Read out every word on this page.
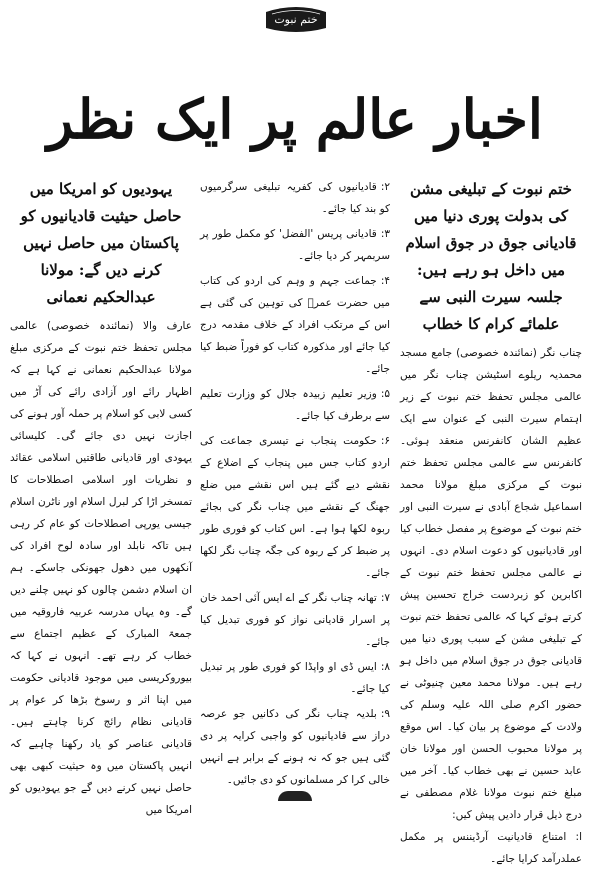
ختم نبوت
اخبار عالم پر ایک نظر
ختم نبوت کے تبلیغی مشن کی بدولت پوری دنیا میں قادیانی جوق در جوق اسلام میں داخل ہو رہے ہیں: جلسہ سیرت النبی سے علمائے کرام کا خطاب

چناب نگر (نمائندہ خصوصی) جامع مسجد محمدیہ ریلوے اسٹیشن چناب نگر میں عالمی مجلس تحفظ ختم نبوت کے زیر اہتمام سیرت النبی کے عنوان سے ایک عظیم الشان کانفرنس منعقد ہوئی۔ کانفرنس سے عالمی مجلس تحفظ ختم نبوت کے مرکزی مبلغ مولانا محمد اسماعیل شجاع آبادی نے سیرت النبی اور ختم نبوت کے موضوع پر مفصل خطاب کیا اور قادیانیوں کو دعوت اسلام دی۔ انہوں نے عالمی مجلس تحفظ ختم نبوت کے اکابرین کو زبردست خراج تحسین پیش کرتے ہوئے کہا کہ عالمی تحفظ ختم نبوت کے تبلیغی مشن کے سبب پوری دنیا میں قادیانی جوق در جوق اسلام میں داخل ہو رہے ہیں۔ مولانا محمد معین چنیوٹی نے حضور اکرم صلی اللہ علیہ وسلم کی ولادت کے موضوع پر بیان کیا۔ اس موقع پر مولانا محبوب الحسن اور مولانا خان عابد حسین نے بھی خطاب کیا۔ آخر میں مبلغ ختم نبوت مولانا غلام مصطفی نے درج ذیل قرار دادیں پیش کیں:

ا: امتناع قادیانیت آرڈیننس پر مکمل عملدرآمد کرایا جائے۔

۲:قادیانیوں کی کفریہ تبلیغی سرگرمیوں کو بند کیا جائے۔
۳:قادیانی پریس 'الفضل' کو مکمل طور پر سربمہر کر دیا جائے۔
۴:جماعت جہم و وہم کی اردو کی کتاب میں حضرت عمرؓ کی توہین کی گئی ہے اس کے مرتکب افراد کے خلاف مقدمہ درج کیا جائے اور مذکورہ کتاب کو فوراً ضبط کیا جائے۔
۵:وزیر تعلیم زبیدہ جلال کو وزارت تعلیم سے برطرف کیا جائے۔
۶:حکومت پنجاب نے تیسری جماعت کی اردو کتاب جس میں پنجاب کے اضلاع کے نقشے دیے گئے ہیں اس نقشے میں ضلع جھنگ کے نقشے میں چناب نگر کی بجائے ربوہ لکھا ہوا ہے۔ اس کتاب کو فوری طور پر ضبط کر کے ربوہ کی جگہ چناب نگر لکھا جائے۔
۷:تھانہ چناب نگر کے اے ایس آئی احمد خان پر اسرار قادیانی نواز کو فوری تبدیل کیا جائے۔
۸:ایس ڈی او واپڈا کو فوری طور پر تبدیل کیا جائے۔
۹:بلدیہ چناب نگر کی دکانیں جو عرصہ دراز سے قادیانیوں کو واجبی کرایہ پر دی گئی ہیں جو کہ نہ ہونے کے برابر ہے انہیں خالی کرا کر مسلمانوں کو دی جائیں۔
یہودیوں کو امریکا میں حاصل حیثیت قادیانیوں کو پاکستان میں حاصل نہیں کرنے دیں گے: مولانا عبدالحکیم نعمانی

عارف والا (نمائندہ خصوصی) عالمی مجلس تحفظ ختم نبوت کے مرکزی مبلغ مولانا عبدالحکیم نعمانی نے کہا ہے کہ اظہار رائے اور آزادی رائے کی آڑ میں کسی لابی کو اسلام پر حملہ آور ہونے کی اجازت نہیں دی جائے گی۔ کلیسائی یہودی اور قادیانی طاقتیں اسلامی عقائد و نظریات اور اسلامی اصطلاحات کا تمسخر اڑا کر لبرل اسلام اور ناٹرن اسلام جیسی یورپی اصطلاحات کو عام کر رہی ہیں تاکہ نابلد اور سادہ لوح افراد کی آنکھوں میں دھول جھونکی جاسکے۔ ہم ان اسلام دشمن چالوں کو نہیں چلنے دیں گے۔ وہ یہاں مدرسہ عربیہ فاروقیہ میں جمعۃ المبارک کے عظیم اجتماع سے خطاب کر رہے تھے۔ انہوں نے کہا کہ بیوروکریسی میں موجود قادیانی حکومت میں اپنا اثر و رسوخ بڑھا کر عوام پر قادیانی نظام رائج کرنا چاہتے ہیں۔ قادیانی عناصر کو یاد رکھنا چاہیے کہ انہیں پاکستان میں وہ حیثیت کبھی بھی حاصل نہیں کرنے دیں گے جو یہودیوں کو امریکا میں
